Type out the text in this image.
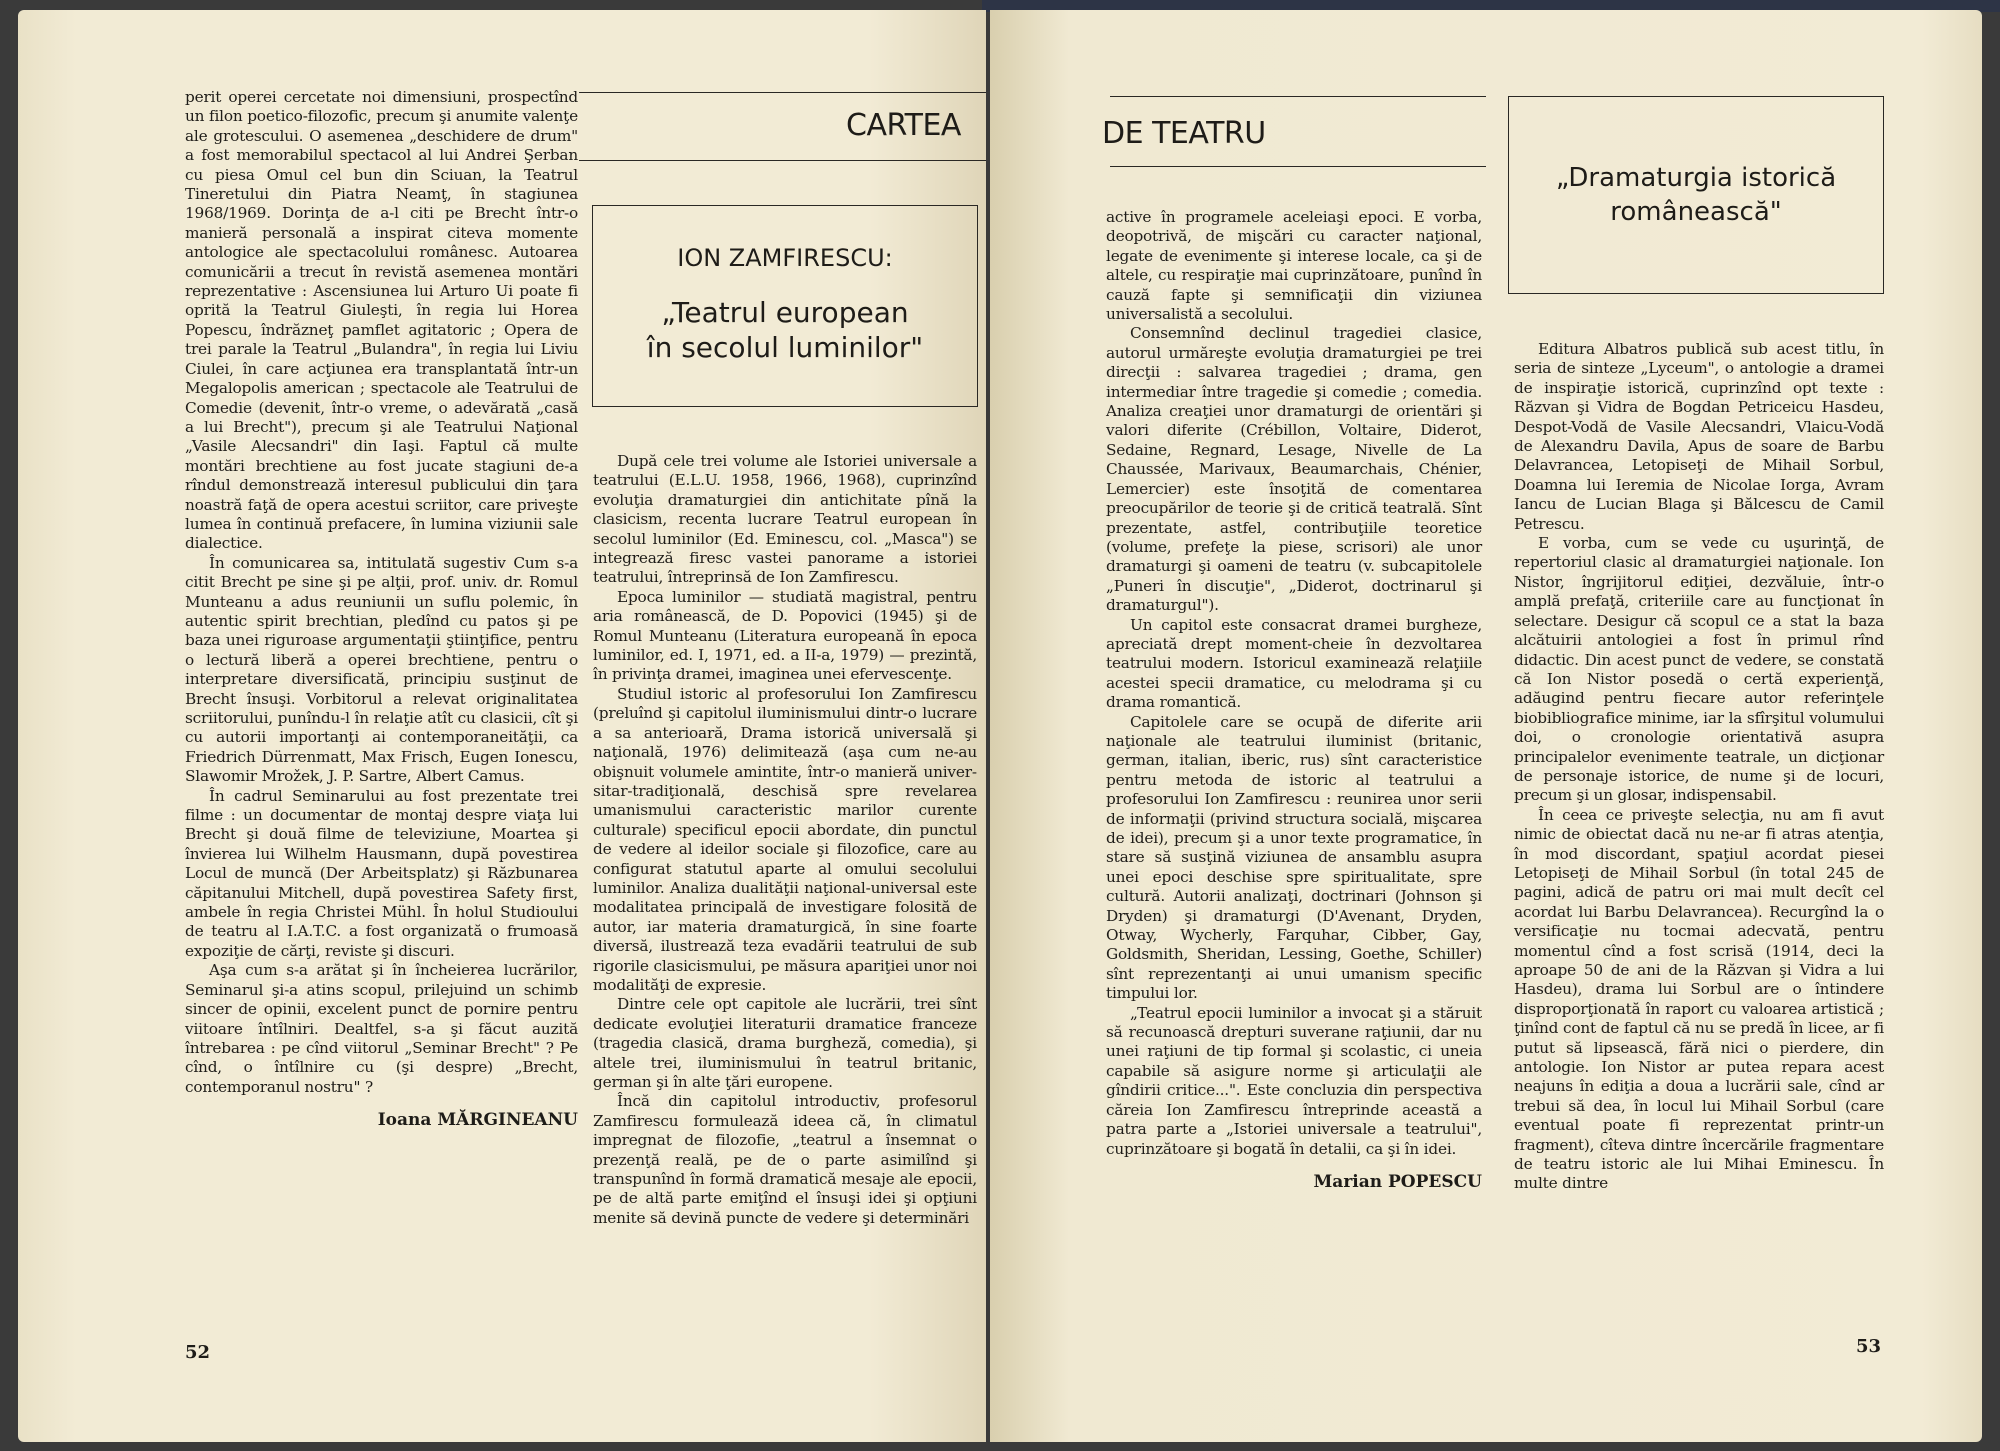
perit operei cercetate noi dimensiuni, prospectînd un filon poetico-filozofic, precum şi anumite valenţe ale grotescului. O asemenea „deschidere de drum" a fost memorabilul spectacol al lui Andrei Şerban cu piesa Omul cel bun din Sciuan, la Teatrul Tineretului din Piatra Neamţ, în stagiunea 1968/1969. Dorinţa de a-l citi pe Brecht într-o manieră personală a inspirat citeva momente antologice ale spectacolului românesc. Autoarea comunicării a trecut în revistă asemenea montări reprezentative : Ascensiunea lui Arturo Ui poate fi oprită la Teatrul Giuleşti, în regia lui Horea Popescu, îndrăzneţ pamflet agitatoric ; Opera de trei parale la Teatrul „Bulandra", în regia lui Liviu Ciulei, în care acţiunea era transplantată într-un Megalopolis american ; spectacole ale Teatrului de Comedie (devenit, într-o vreme, o adevărată „casă a lui Brecht"), precum şi ale Teatrului Naţional „Vasile Alecsandri" din Iaşi. Faptul că multe montări brechtiene au fost jucate stagiuni de-a rîndul demonstrează interesul publicului din ţara noastră faţă de opera acestui scriitor, care priveşte lumea în continuă prefacere, în lumina viziunii sale dialectice.

În comunicarea sa, intitulată sugestiv Cum s-a citit Brecht pe sine şi pe alţii, prof. univ. dr. Romul Munteanu a adus reuniunii un suflu polemic, în autentic spirit brechtian, pledînd cu patos şi pe baza unei riguroase argumentaţii ştiinţifice, pentru o lectură liberă a operei brechtiene, pentru o interpretare diversificată, principiu susţinut de Brecht însuşi. Vorbitorul a relevat originalitatea scriitorului, punîndu-l în relaţie atît cu clasicii, cît şi cu autorii importanţi ai contemporaneităţii, ca Friedrich Dürrenmatt, Max Frisch, Eugen Ionescu, Slawomir Mrožek, J. P. Sartre, Albert Camus.

În cadrul Seminarului au fost prezentate trei filme : un documentar de montaj despre viaţa lui Brecht şi două filme de televiziune, Moartea şi învierea lui Wilhelm Hausmann, după povestirea Locul de muncă (Der Arbeitsplatz) şi Răzbunarea căpitanului Mitchell, după povestirea Safety first, ambele în regia Christei Mühl. În holul Studioului de teatru al I.A.T.C. a fost organizată o frumoasă expoziţie de cărţi, reviste şi discuri.

Aşa cum s-a arătat şi în încheierea lucrărilor, Seminarul şi-a atins scopul, prilejuind un schimb sincer de opinii, excelent punct de pornire pentru viitoare întîlniri. Dealtfel, s-a şi făcut auzită întrebarea : pe cînd viitorul „Seminar Brecht" ? Pe cînd, o întîlnire cu (şi despre) „Brecht, contemporanul nostru" ?

Ioana MĂRGINEANU
CARTEA
ION ZAMFIRESCU:
„Teatrul european
în secolul luminilor"

După cele trei volume ale Istoriei universale a teatrului (E.L.U. 1958, 1966, 1968), cuprinzînd evoluţia dramaturgiei din antichitate pînă la clasicism, recenta lucrare Teatrul european în secolul luminilor (Ed. Eminescu, col. „Masca") se integrează firesc vastei panorame a istoriei teatrului, întreprinsă de Ion Zamfirescu.

Epoca luminilor — studiată magistral, pentru aria românească, de D. Popovici (1945) şi de Romul Munteanu (Literatura europeană în epoca luminilor, ed. I, 1971, ed. a II-a, 1979) — prezintă, în privinţa dramei, imaginea unei efervescenţe.

Studiul istoric al profesorului Ion Zamfirescu (preluînd şi capitolul iluminismului dintr-o lucrare a sa anterioară, Drama istorică universală şi naţională, 1976) delimitează (aşa cum ne-au obişnuit volumele amintite, într-o manieră universitar-tradiţională, deschisă spre revelarea umanismului caracteristic marilor curente culturale) specificul epocii abordate, din punctul de vedere al ideilor sociale şi filozofice, care au configurat statutul aparte al omului secolului luminilor. Analiza dualităţii naţional-universal este modalitatea principală de investigare folosită de autor, iar materia dramaturgică, în sine foarte diversă, ilustrează teza evadării teatrului de sub rigorile clasicismului, pe măsura apariţiei unor noi modalităţi de expresie.

Dintre cele opt capitole ale lucrării, trei sînt dedicate evoluţiei literaturii dramatice franceze (tragedia clasică, drama burgheză, comedia), şi altele trei, iluminismului în teatrul britanic, german şi în alte ţări europene.

Încă din capitolul introductiv, profesorul Zamfirescu formulează ideea că, în climatul impregnat de filozofie, „teatrul a însemnat o prezenţă reală, pe de o parte asimilînd şi transpunînd în formă dramatică mesaje ale epocii, pe de altă parte emiţînd el însuşi idei şi opţiuni menite să devină puncte de vedere şi determinări

52
DE TEATRU

active în programele aceleiaşi epoci. E vorba, deopotrivă, de mişcări cu caracter naţional, legate de evenimente şi interese locale, ca şi de altele, cu respiraţie mai cuprinzătoare, punînd în cauză fapte şi semnificaţii din viziunea universalistă a secolului.

Consemnînd declinul tragediei clasice, autorul urmăreşte evoluţia dramaturgiei pe trei direcţii : salvarea tragediei ; drama, gen intermediar între tragedie şi comedie ; comedia. Analiza creaţiei unor dramaturgi de orientări şi valori diferite (Crébillon, Voltaire, Diderot, Sedaine, Regnard, Lesage, Nivelle de La Chaussée, Marivaux, Beaumarchais, Chénier, Lemercier) este însoţită de comentarea preocupărilor de teorie şi de critică teatrală. Sînt prezentate, astfel, contribuţiile teoretice (volume, prefeţe la piese, scrisori) ale unor dramaturgi şi oameni de teatru (v. subcapitolele „Puneri în discuţie", „Diderot, doctrinarul şi dramaturgul").

Un capitol este consacrat dramei burgheze, apreciată drept moment-cheie în dezvoltarea teatrului modern. Istoricul examinează relaţiile acestei specii dramatice, cu melodrama şi cu drama romantică.

Capitolele care se ocupă de diferite arii naţionale ale teatrului iluminist (britanic, german, italian, iberic, rus) sînt caracteristice pentru metoda de istoric al teatrului a profesorului Ion Zamfirescu : reunirea unor serii de informaţii (privind structura socială, mişcarea de idei), precum şi a unor texte programatice, în stare să susţină viziunea de ansamblu asupra unei epoci deschise spre spiritualitate, spre cultură. Autorii analizaţi, doctrinari (Johnson şi Dryden) şi dramaturgi (D'Avenant, Dryden, Otway, Wycherly, Farquhar, Cibber, Gay, Goldsmith, Sheridan, Lessing, Goethe, Schiller) sînt reprezentanţi ai unui umanism specific timpului lor.

„Teatrul epocii luminilor a invocat şi a stăruit să recunoască drepturi suverane raţiunii, dar nu unei raţiuni de tip formal şi scolastic, ci uneia capabile să asigure norme şi articulaţii ale gîndirii critice...". Este concluzia din perspectiva căreia Ion Zamfirescu întreprinde această a patra parte a „Istoriei universale a teatrului", cuprinzătoare şi bogată în detalii, ca şi în idei.

Marian POPESCU
„Dramaturgia istorică
românească"

Editura Albatros publică sub acest titlu, în seria de sinteze „Lyceum", o antologie a dramei de inspiraţie istorică, cuprinzînd opt texte : Răzvan şi Vidra de Bogdan Petriceicu Hasdeu, Despot-Vodă de Vasile Alecsandri, Vlaicu-Vodă de Alexandru Davila, Apus de soare de Barbu Delavrancea, Letopiseţi de Mihail Sorbul, Doamna lui Ieremia de Nicolae Iorga, Avram Iancu de Lucian Blaga şi Bălcescu de Camil Petrescu.

E vorba, cum se vede cu uşurinţă, de repertoriul clasic al dramaturgiei naţionale. Ion Nistor, îngrijitorul ediţiei, dezvăluie, într-o amplă prefaţă, criteriile care au funcţionat în selectare. Desigur că scopul ce a stat la baza alcătuirii antologiei a fost în primul rînd didactic. Din acest punct de vedere, se constată că Ion Nistor posedă o certă experienţă, adăugind pentru fiecare autor referinţele biobibliografice minime, iar la sfîrşitul volumului doi, o cronologie orientativă asupra principalelor evenimente teatrale, un dicţionar de personaje istorice, de nume şi de locuri, precum şi un glosar, indispensabil.

În ceea ce priveşte selecţia, nu am fi avut nimic de obiectat dacă nu ne-ar fi atras atenţia, în mod discordant, spaţiul acordat piesei Letopiseţi de Mihail Sorbul (în total 245 de pagini, adică de patru ori mai mult decît cel acordat lui Barbu Delavrancea). Recurgînd la o versificaţie nu tocmai adecvată, pentru momentul cînd a fost scrisă (1914, deci la aproape 50 de ani de la Răzvan şi Vidra a lui Hasdeu), drama lui Sorbul are o întindere disproporţionată în raport cu valoarea artistică ; ţinînd cont de faptul că nu se predă în licee, ar fi putut să lipsească, fără nici o pierdere, din antologie. Ion Nistor ar putea repara acest neajuns în ediţia a doua a lucrării sale, cînd ar trebui să dea, în locul lui Mihail Sorbul (care eventual poate fi reprezentat printr-un fragment), cîteva dintre încercările fragmentare de teatru istoric ale lui Mihai Eminescu. În multe dintre

53
